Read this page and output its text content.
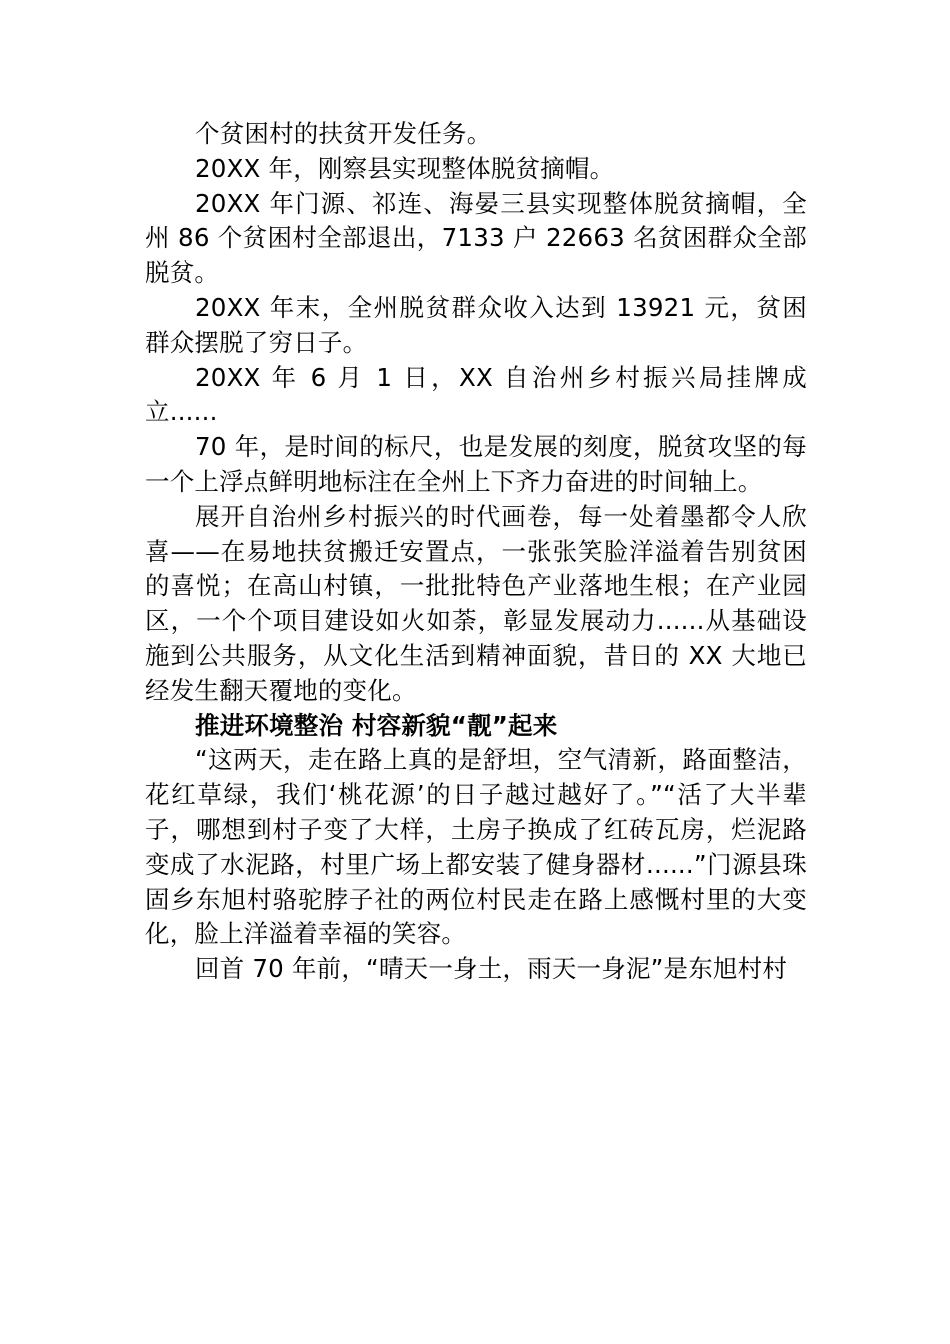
个贫困村的扶贫开发任务。

20XX 年，刚察县实现整体脱贫摘帽。

20XX 年门源、祁连、海晏三县实现整体脱贫摘帽，全州 86 个贫困村全部退出，7133 户 22663 名贫困群众全部脱贫。

20XX 年末，全州脱贫群众收入达到 13921 元，贫困群众摆脱了穷日子。

20XX 年 6 月 1 日，XX 自治州乡村振兴局挂牌成立......

70 年，是时间的标尺，也是发展的刻度，脱贫攻坚的每一个上浮点鲜明地标注在全州上下齐力奋进的时间轴上。

展开自治州乡村振兴的时代画卷，每一处着墨都令人欣喜——在易地扶贫搬迁安置点，一张张笑脸洋溢着告别贫困的喜悦；在高山村镇，一批批特色产业落地生根；在产业园区，一个个项目建设如火如荼，彰显发展动力......从基础设施到公共服务，从文化生活到精神面貌，昔日的 XX 大地已经发生翻天覆地的变化。

推进环境整治 村容新貌“靓”起来

“这两天，走在路上真的是舒坦，空气清新，路面整洁，花红草绿，我们‘桃花源’的日子越过越好了。”“活了大半辈子，哪想到村子变了大样，土房子换成了红砖瓦房，烂泥路变成了水泥路，村里广场上都安装了健身器材......”门源县珠固乡东旭村骆驼脖子社的两位村民走在路上感慨村里的大变化，脸上洋溢着幸福的笑容。

回首 70 年前，“晴天一身土，雨天一身泥”是东旭村村
